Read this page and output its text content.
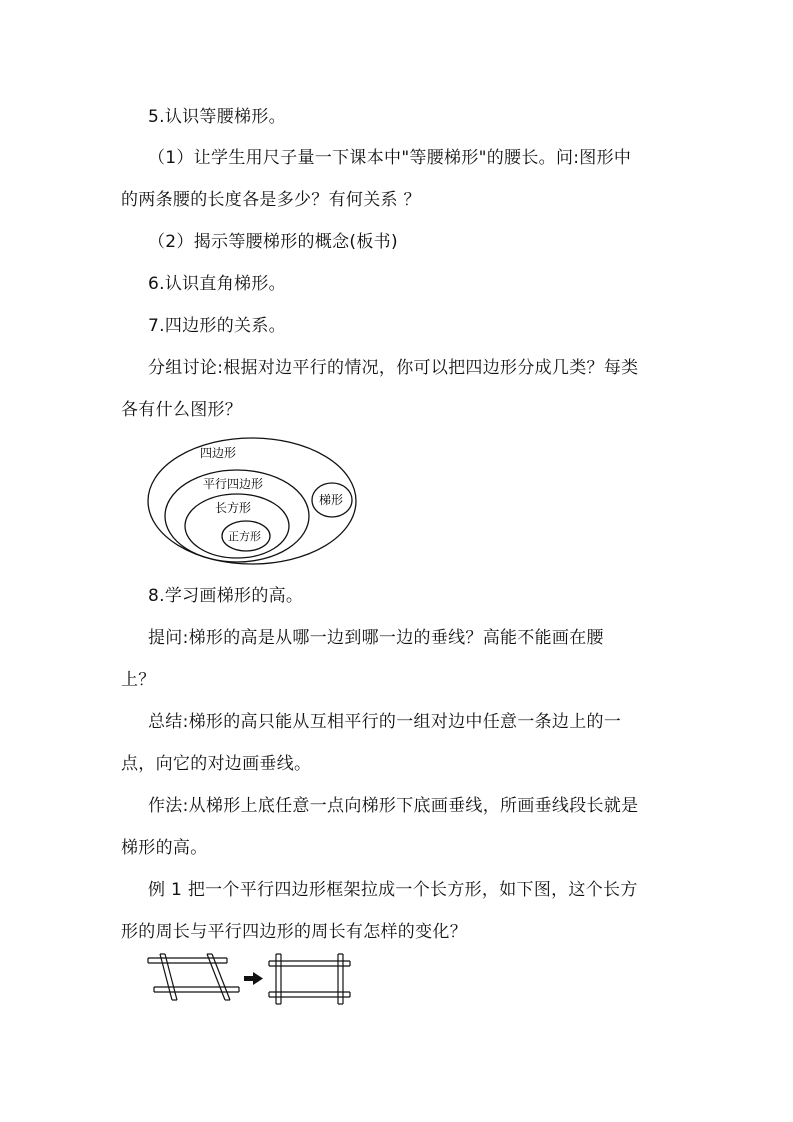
5.认识等腰梯形。
（1）让学生用尺子量一下课本中"等腰梯形"的腰长。问:图形中
的两条腰的长度各是多少？有何关系 ？
（2）揭示等腰梯形的概念(板书)
6.认识直角梯形。
7.四边形的关系。
分组讨论:根据对边平行的情况，你可以把四边形分成几类？每类
各有什么图形？
四边形
平行四边形
长方形
正方形
梯形
8.学习画梯形的高。
提问:梯形的高是从哪一边到哪一边的垂线？高能不能画在腰
上？
总结:梯形的高只能从互相平行的一组对边中任意一条边上的一
点，向它的对边画垂线。
作法:从梯形上底任意一点向梯形下底画垂线，所画垂线段长就是
梯形的高。
例 1 把一个平行四边形框架拉成一个长方形，如下图，这个长方
形的周长与平行四边形的周长有怎样的变化？
